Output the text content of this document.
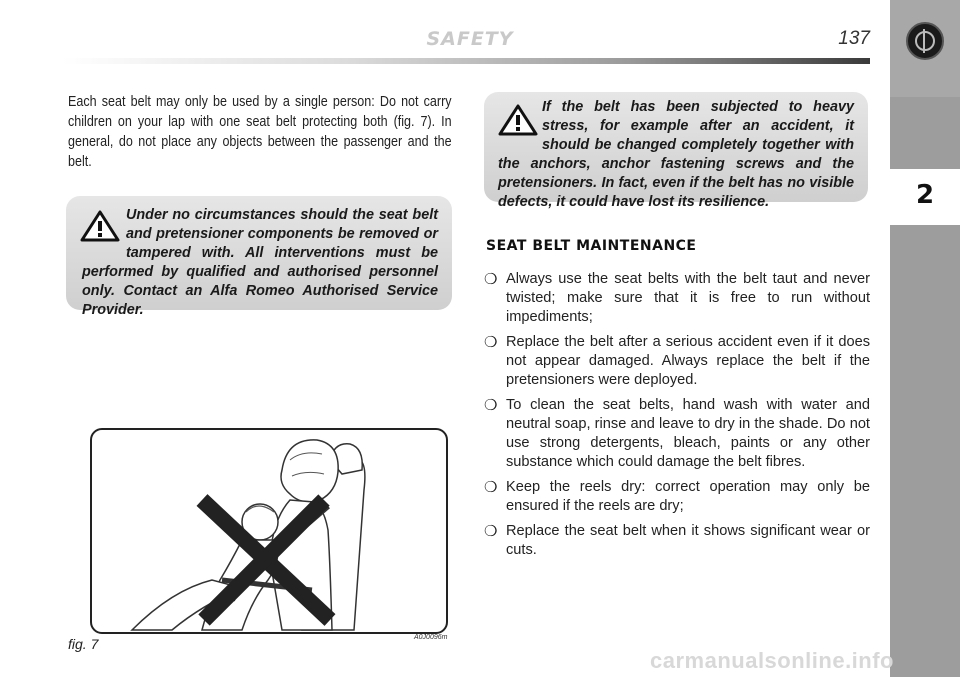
SAFETY	137
2
Each seat belt may only be used by a single person: Do not carry children on your lap with one seat belt protecting both (fig. 7). In general, do not place any objects between the passenger and the belt.
Under no circumstances should the seat belt and pretensioner components be removed or tampered with. All interventions must be performed by qualified and authorised personnel only. Contact an Alfa Romeo Authorised Service Provider.
If the belt has been subjected to heavy stress, for example after an accident, it should be changed completely together with the anchors, anchor fastening screws and the pretensioners. In fact, even if the belt has no visible defects, it could have lost its resilience.
fig. 7	A0J0096m
SEAT BELT MAINTENANCE
❍ Always use the seat belts with the belt taut and never twisted; make sure that it is free to run without impediments;
❍ Replace the belt after a serious accident even if it does not appear damaged. Always replace the belt if the pretensioners were deployed.
❍ To clean the seat belts, hand wash with water and neutral soap, rinse and leave to dry in the shade. Do not use strong detergents, bleach, paints or any other substance which could damage the belt fibres.
❍ Keep the reels dry: correct operation may only be ensured if the reels are dry;
❍ Replace the seat belt when it shows significant wear or cuts.
carmanualsonline.info
